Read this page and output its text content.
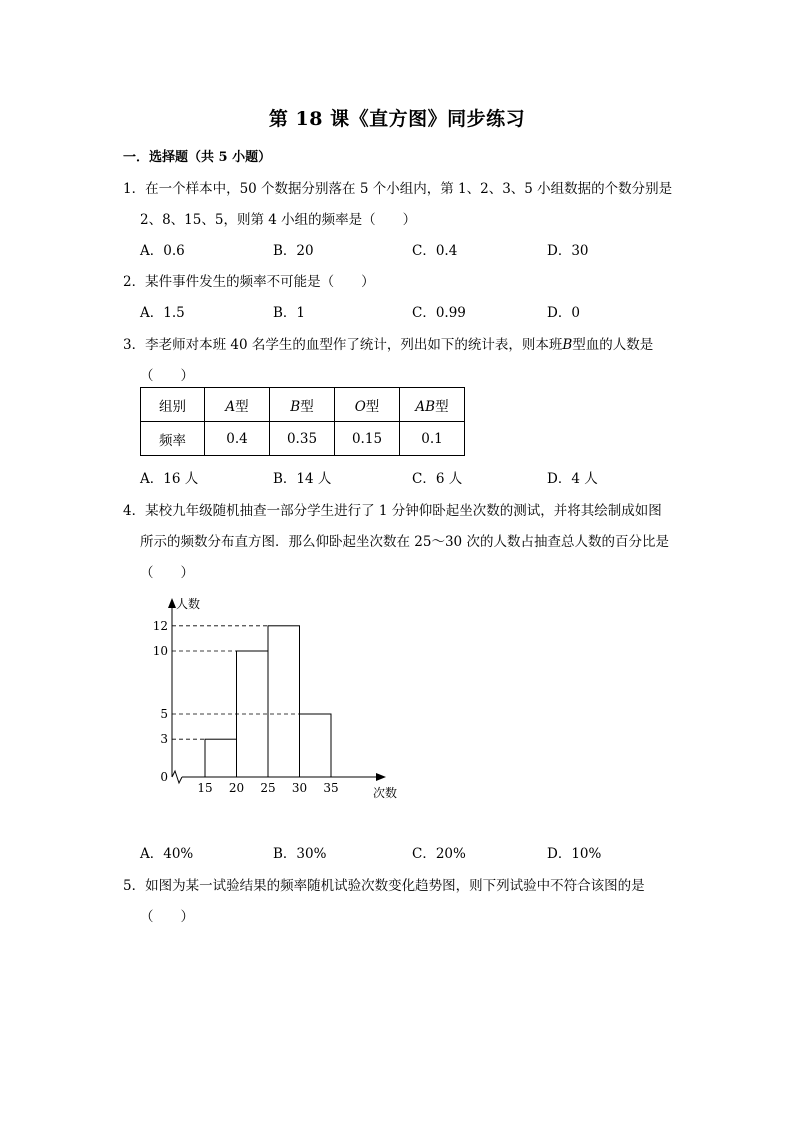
第 18 课《直方图》同步练习
一．选择题（共 5 小题）
1．在一个样本中，50 个数据分别落在 5 个小组内，第 1、2、3、5 小组数据的个数分别是
2、8、15、5，则第 4 小组的频率是（　　）
A．0.6	B．20	C．0.4	D．30
2．某件事件发生的频率不可能是（　　）
A．1.5	B．1	C．0.99	D．0
3．李老师对本班 40 名学生的血型作了统计，列出如下的统计表，则本班B型血的人数是
（　　）
组别	A型	B型	O型	AB型
频率	0.4	0.35	0.15	0.1
A．16 人	B．14 人	C．6 人	D．4 人
4．某校九年级随机抽查一部分学生进行了 1 分钟仰卧起坐次数的测试，并将其绘制成如图
所示的频数分布直方图．那么仰卧起坐次数在 25～30 次的人数占抽查总人数的百分比是
（　　）
0
3
5
10
12
15 20 25 30 35
人数
次数
A．40%	B．30%	C．20%	D．10%
5．如图为某一试验结果的频率随机试验次数变化趋势图，则下列试验中不符合该图的是
（　　）
